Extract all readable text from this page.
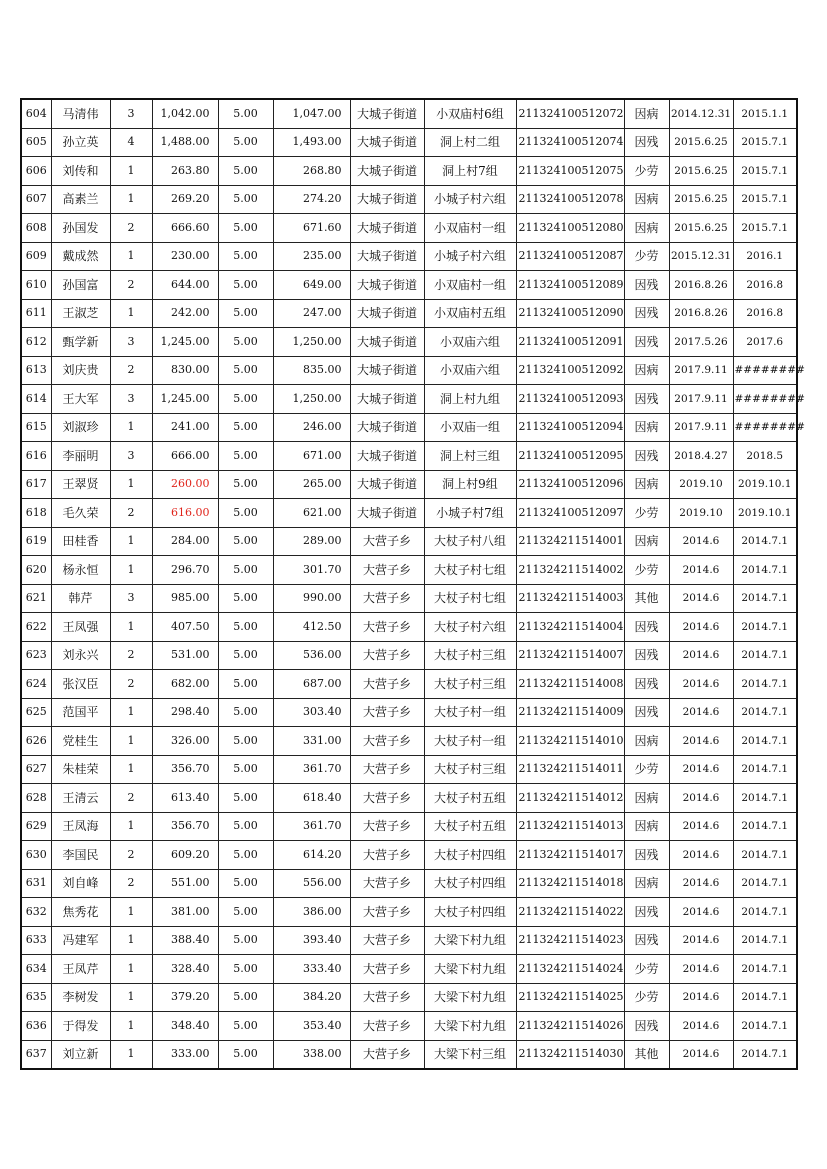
604	马清伟	3	1,042.00	5.00	1,047.00	大城子街道	小双庙村6组	211324100512072	因病	2014.12.31	2015.1.1
605	孙立英	4	1,488.00	5.00	1,493.00	大城子街道	洞上村二组	211324100512074	因残	2015.6.25	2015.7.1
606	刘传和	1	263.80	5.00	268.80	大城子街道	洞上村7组	211324100512075	少劳	2015.6.25	2015.7.1
607	高素兰	1	269.20	5.00	274.20	大城子街道	小城子村六组	211324100512078	因病	2015.6.25	2015.7.1
608	孙国发	2	666.60	5.00	671.60	大城子街道	小双庙村一组	211324100512080	因病	2015.6.25	2015.7.1
609	戴成然	1	230.00	5.00	235.00	大城子街道	小城子村六组	211324100512087	少劳	2015.12.31	2016.1
610	孙国富	2	644.00	5.00	649.00	大城子街道	小双庙村一组	211324100512089	因残	2016.8.26	2016.8
611	王淑芝	1	242.00	5.00	247.00	大城子街道	小双庙村五组	211324100512090	因残	2016.8.26	2016.8
612	甄学新	3	1,245.00	5.00	1,250.00	大城子街道	小双庙六组	211324100512091	因残	2017.5.26	2017.6
613	刘庆贵	2	830.00	5.00	835.00	大城子街道	小双庙六组	211324100512092	因病	2017.9.11	########
614	王大军	3	1,245.00	5.00	1,250.00	大城子街道	洞上村九组	211324100512093	因残	2017.9.11	########
615	刘淑珍	1	241.00	5.00	246.00	大城子街道	小双庙一组	211324100512094	因病	2017.9.11	########
616	李丽明	3	666.00	5.00	671.00	大城子街道	洞上村三组	211324100512095	因残	2018.4.27	2018.5
617	王翠贤	1	260.00	5.00	265.00	大城子街道	洞上村9组	211324100512096	因病	2019.10	2019.10.1
618	毛久荣	2	616.00	5.00	621.00	大城子街道	小城子村7组	211324100512097	少劳	2019.10	2019.10.1
619	田桂香	1	284.00	5.00	289.00	大营子乡	大杖子村八组	211324211514001	因病	2014.6	2014.7.1
620	杨永恒	1	296.70	5.00	301.70	大营子乡	大杖子村七组	211324211514002	少劳	2014.6	2014.7.1
621	韩芹	3	985.00	5.00	990.00	大营子乡	大杖子村七组	211324211514003	其他	2014.6	2014.7.1
622	王凤强	1	407.50	5.00	412.50	大营子乡	大杖子村六组	211324211514004	因残	2014.6	2014.7.1
623	刘永兴	2	531.00	5.00	536.00	大营子乡	大杖子村三组	211324211514007	因残	2014.6	2014.7.1
624	张汉臣	2	682.00	5.00	687.00	大营子乡	大杖子村三组	211324211514008	因残	2014.6	2014.7.1
625	范国平	1	298.40	5.00	303.40	大营子乡	大杖子村一组	211324211514009	因残	2014.6	2014.7.1
626	党桂生	1	326.00	5.00	331.00	大营子乡	大杖子村一组	211324211514010	因病	2014.6	2014.7.1
627	朱桂荣	1	356.70	5.00	361.70	大营子乡	大杖子村三组	211324211514011	少劳	2014.6	2014.7.1
628	王清云	2	613.40	5.00	618.40	大营子乡	大杖子村五组	211324211514012	因病	2014.6	2014.7.1
629	王凤海	1	356.70	5.00	361.70	大营子乡	大杖子村五组	211324211514013	因病	2014.6	2014.7.1
630	李国民	2	609.20	5.00	614.20	大营子乡	大杖子村四组	211324211514017	因残	2014.6	2014.7.1
631	刘自峰	2	551.00	5.00	556.00	大营子乡	大杖子村四组	211324211514018	因病	2014.6	2014.7.1
632	焦秀花	1	381.00	5.00	386.00	大营子乡	大杖子村四组	211324211514022	因残	2014.6	2014.7.1
633	冯建军	1	388.40	5.00	393.40	大营子乡	大梁下村九组	211324211514023	因残	2014.6	2014.7.1
634	王凤芹	1	328.40	5.00	333.40	大营子乡	大梁下村九组	211324211514024	少劳	2014.6	2014.7.1
635	李树发	1	379.20	5.00	384.20	大营子乡	大梁下村九组	211324211514025	少劳	2014.6	2014.7.1
636	于得发	1	348.40	5.00	353.40	大营子乡	大梁下村九组	211324211514026	因残	2014.6	2014.7.1
637	刘立新	1	333.00	5.00	338.00	大营子乡	大梁下村三组	211324211514030	其他	2014.6	2014.7.1
